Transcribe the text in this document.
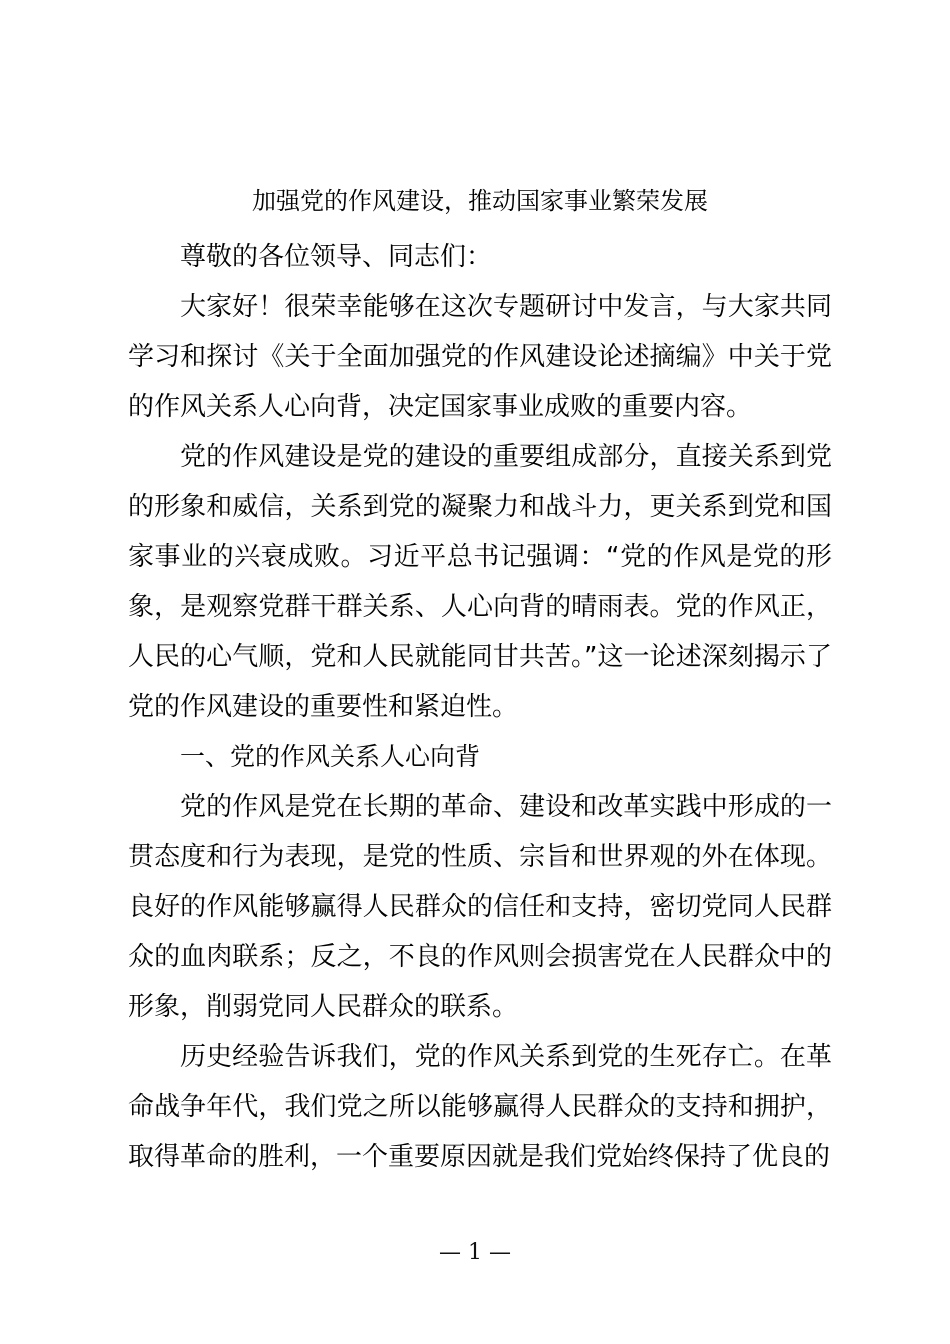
加强党的作风建设，推动国家事业繁荣发展

尊敬的各位领导、同志们：

大家好！很荣幸能够在这次专题研讨中发言，与大家共同学习和探讨《关于全面加强党的作风建设论述摘编》中关于党的作风关系人心向背，决定国家事业成败的重要内容。

党的作风建设是党的建设的重要组成部分，直接关系到党的形象和威信，关系到党的凝聚力和战斗力，更关系到党和国家事业的兴衰成败。习近平总书记强调：“党的作风是党的形象，是观察党群干群关系、人心向背的晴雨表。党的作风正，人民的心气顺，党和人民就能同甘共苦。”这一论述深刻揭示了党的作风建设的重要性和紧迫性。

一、党的作风关系人心向背

党的作风是党在长期的革命、建设和改革实践中形成的一贯态度和行为表现，是党的性质、宗旨和世界观的外在体现。良好的作风能够赢得人民群众的信任和支持，密切党同人民群众的血肉联系；反之，不良的作风则会损害党在人民群众中的形象，削弱党同人民群众的联系。

历史经验告诉我们，党的作风关系到党的生死存亡。在革命战争年代，我们党之所以能够赢得人民群众的支持和拥护，取得革命的胜利，一个重要原因就是我们党始终保持了优良的

— 1 —
